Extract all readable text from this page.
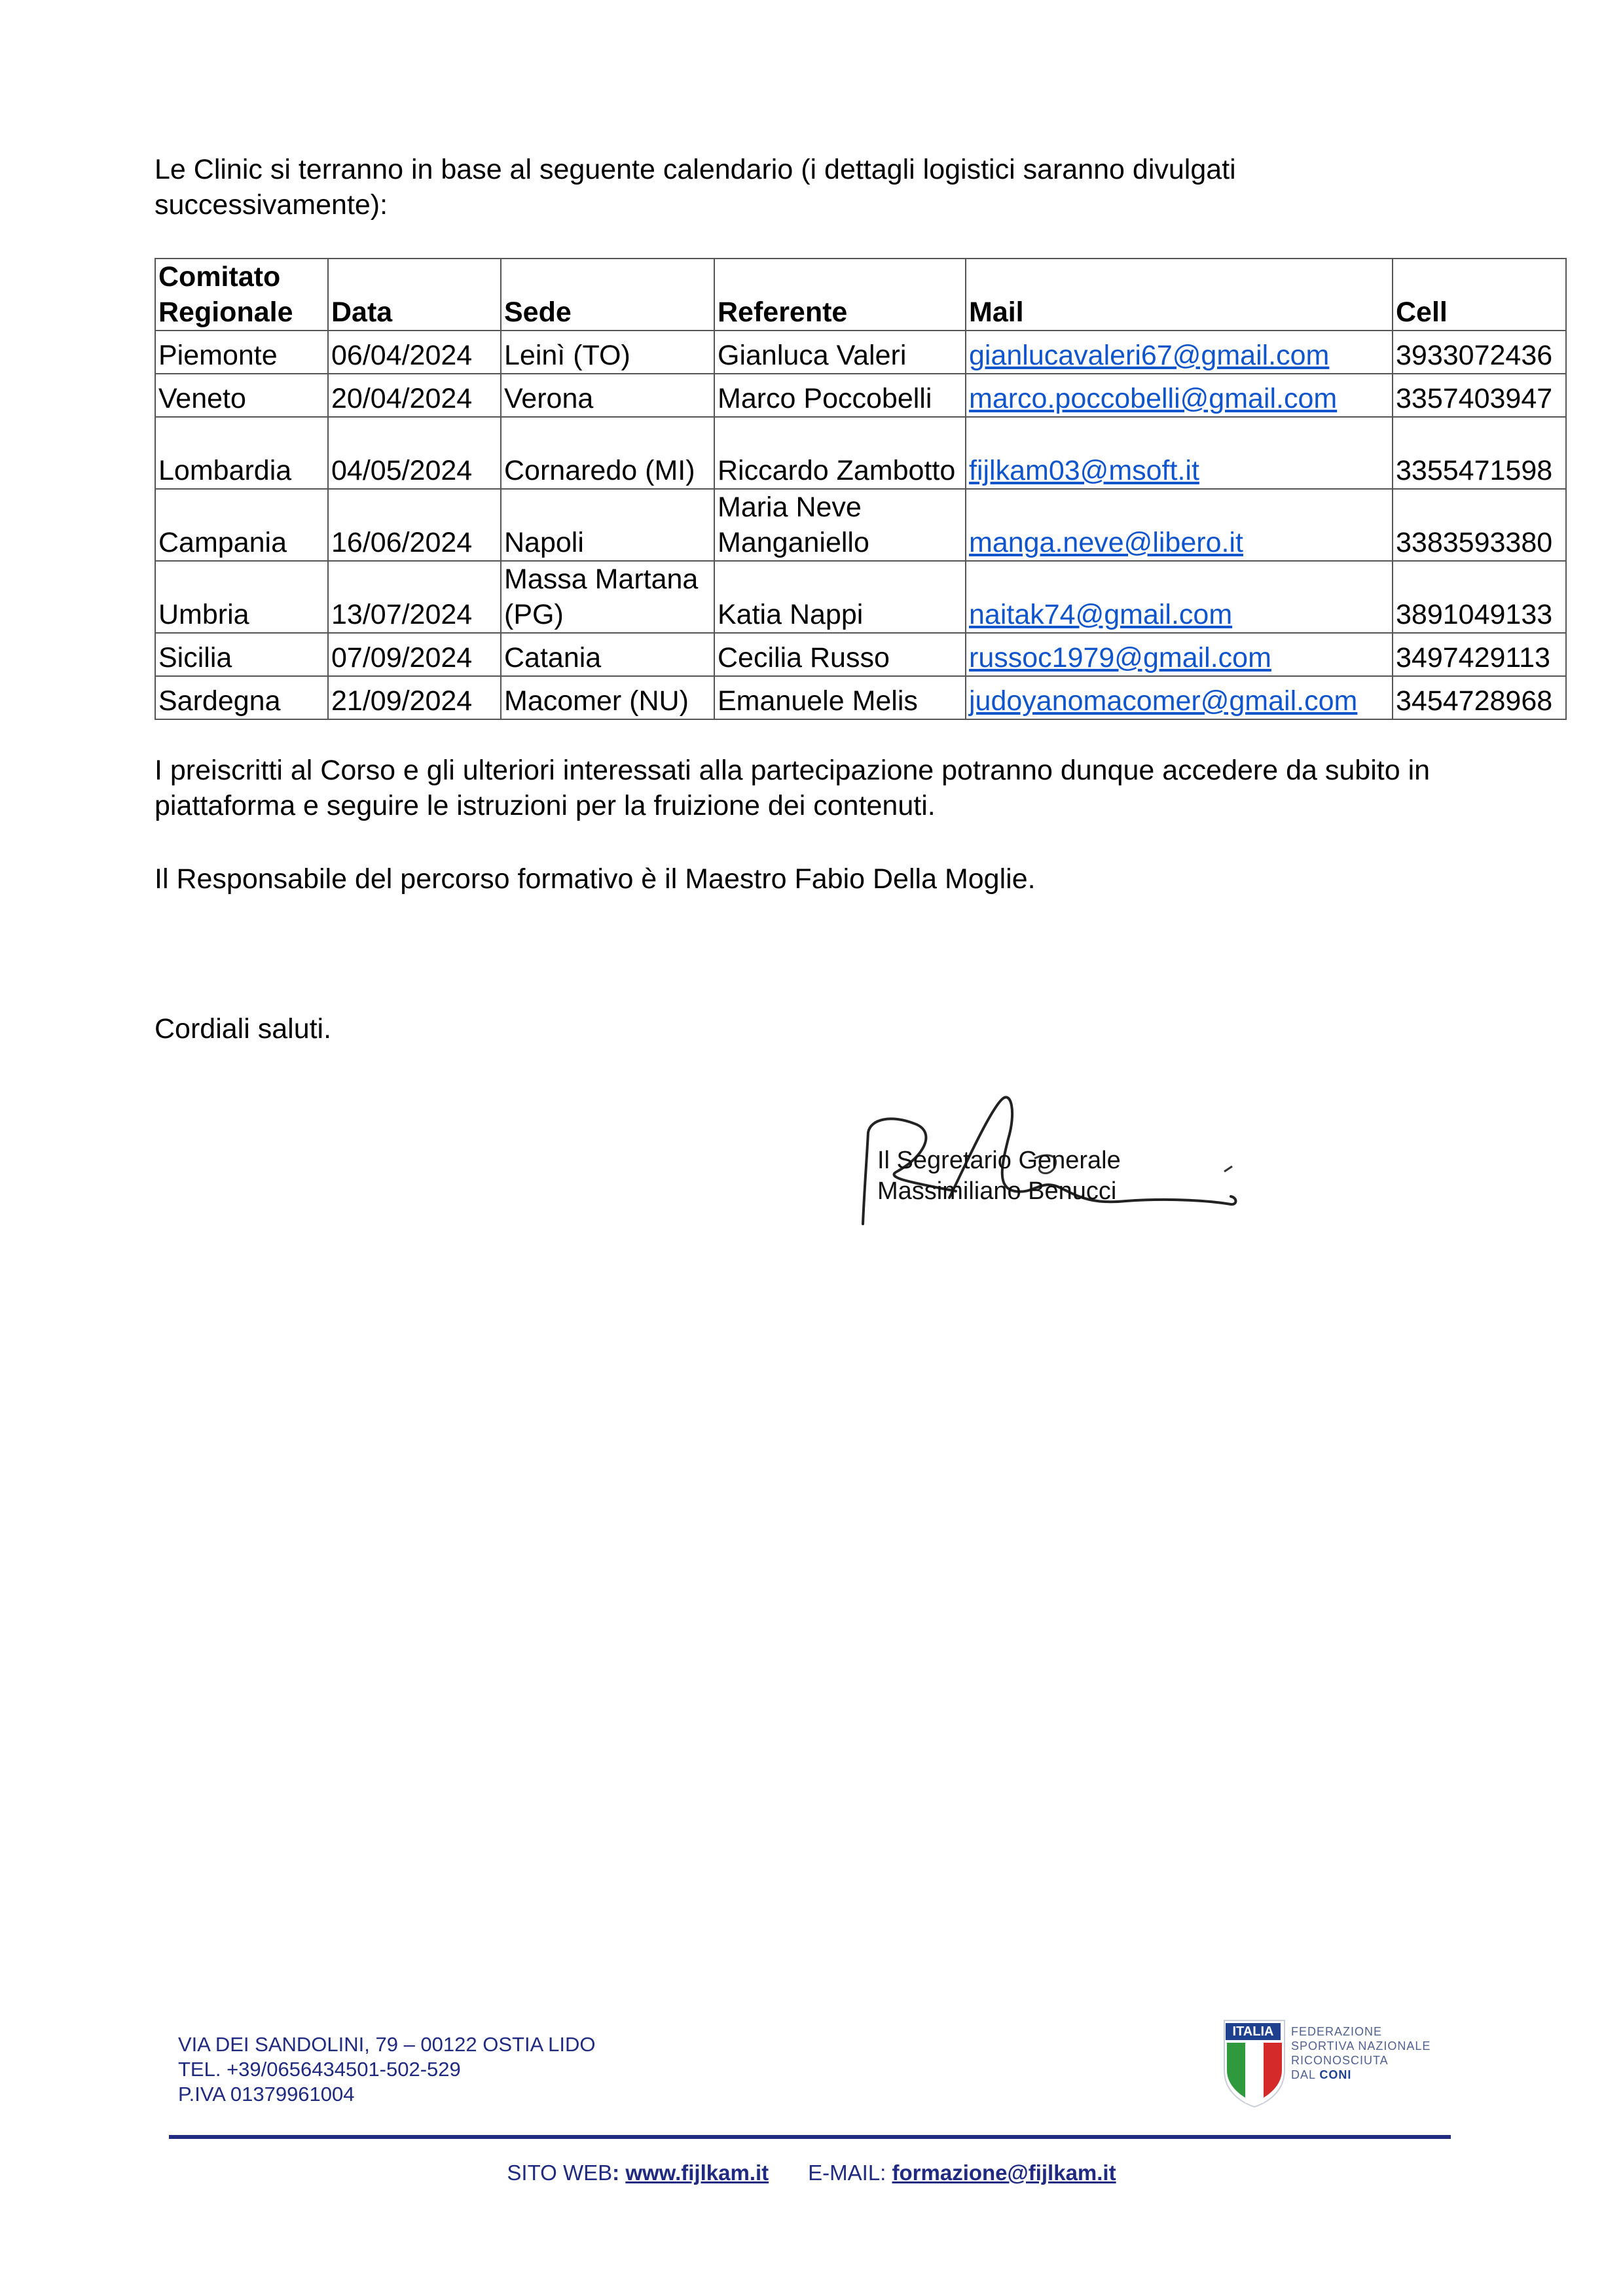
Le Clinic si terranno in base al seguente calendario (i dettagli logistici saranno divulgati successivamente):

Comitato Regionale	Data	Sede	Referente	Mail	Cell
Piemonte	06/04/2024	Leinì (TO)	Gianluca Valeri	gianlucavaleri67@gmail.com	3933072436
Veneto	20/04/2024	Verona	Marco Poccobelli	marco.poccobelli@gmail.com	3357403947
Lombardia	04/05/2024	Cornaredo (MI)	Riccardo Zambotto	fijlkam03@msoft.it	3355471598
Campania	16/06/2024	Napoli	Maria Neve Manganiello	manga.neve@libero.it	3383593380
Umbria	13/07/2024	Massa Martana (PG)	Katia Nappi	naitak74@gmail.com	3891049133
Sicilia	07/09/2024	Catania	Cecilia Russo	russoc1979@gmail.com	3497429113
Sardegna	21/09/2024	Macomer (NU)	Emanuele Melis	judoyanomacomer@gmail.com	3454728968

I preiscritti al Corso e gli ulteriori interessati alla partecipazione potranno dunque accedere da subito in piattaforma e seguire le istruzioni per la fruizione dei contenuti.

Il Responsabile del percorso formativo è il Maestro Fabio Della Moglie.

Cordiali saluti.

Il Segretario Generale
Massimiliano Benucci
VIA DEI SANDOLINI, 79 – 00122 OSTIA LIDO
TEL. +39/0656434501-502-529
P.IVA 01379961004
ITALIA	FEDERAZIONE
SPORTIVA NAZIONALE
RICONOSCIUTA
DAL CONI
SITO WEB: www.fijlkam.it E-MAIL: formazione@fijlkam.it
